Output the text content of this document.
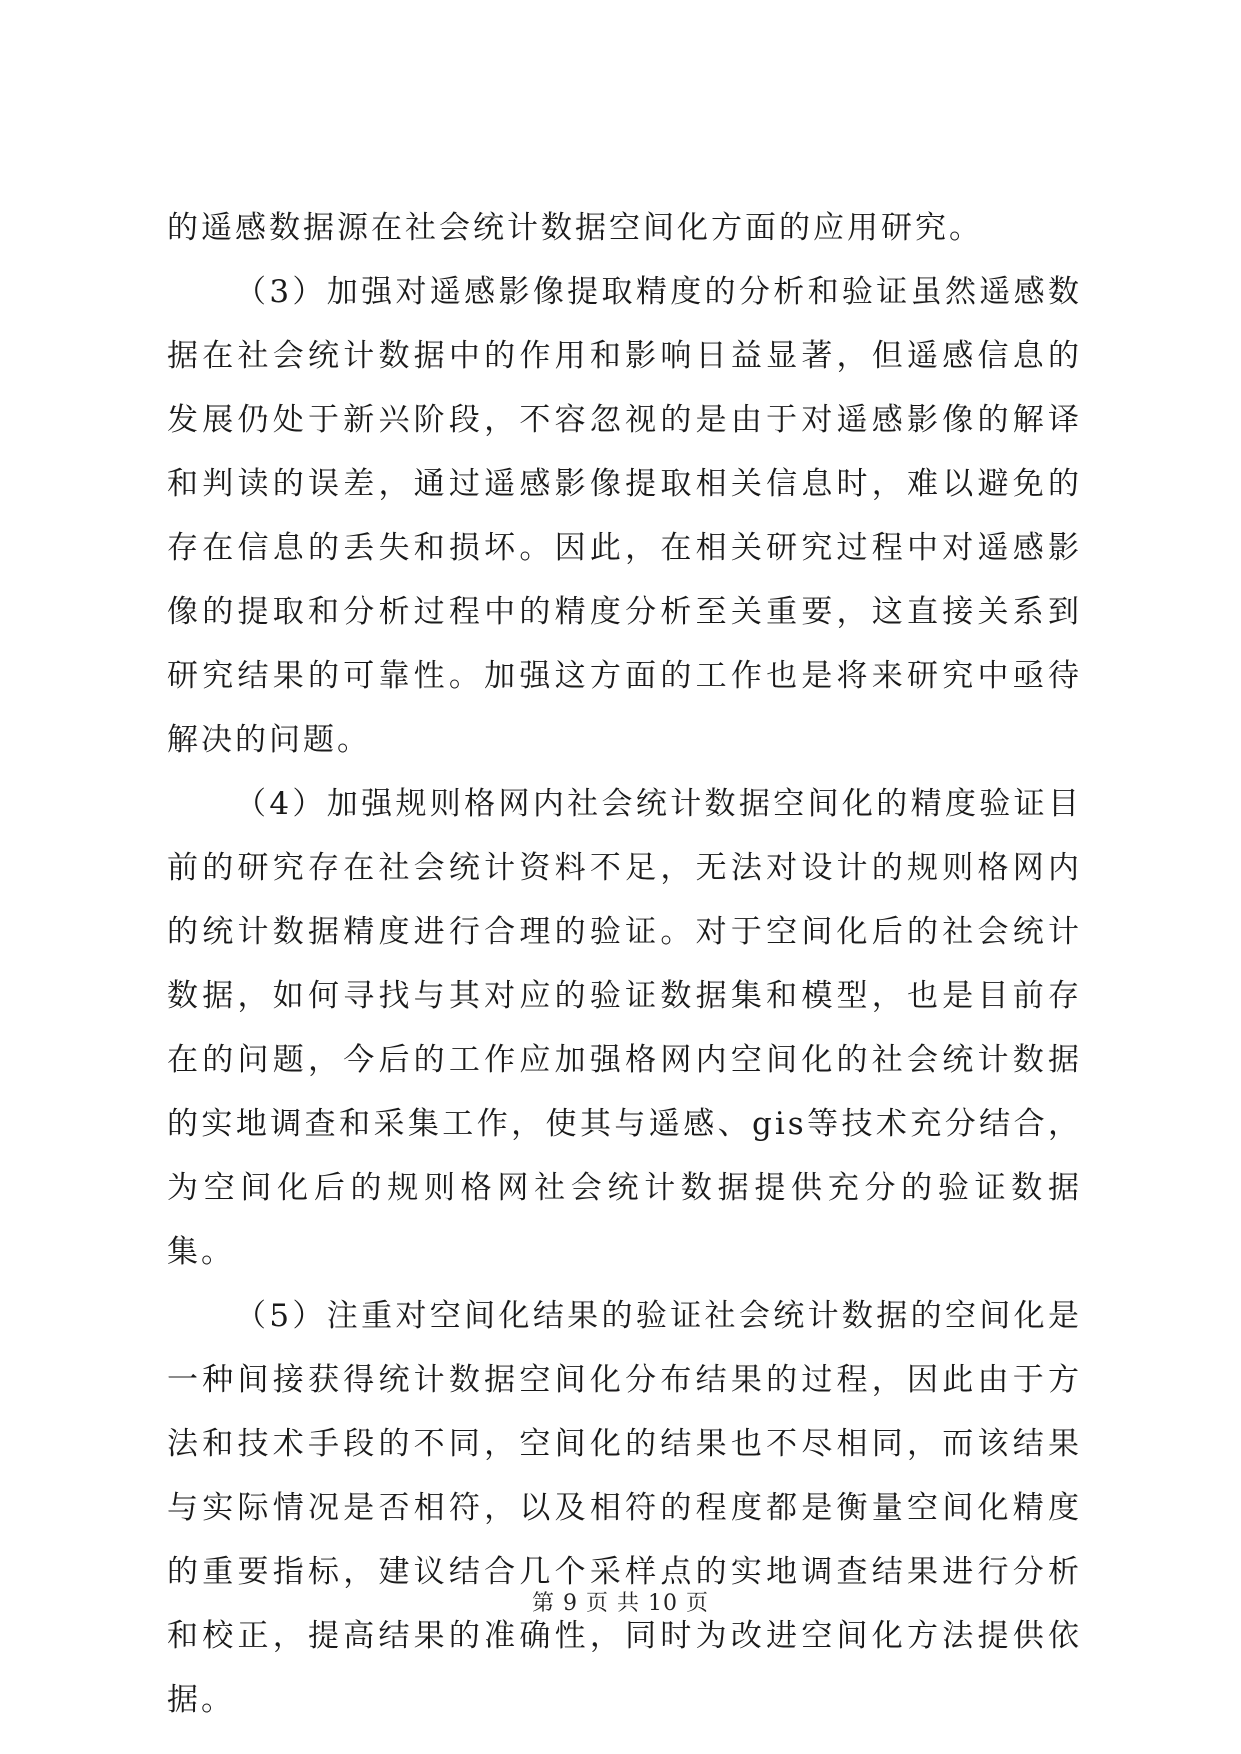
的遥感数据源在社会统计数据空间化方面的应用研究。

（3）加强对遥感影像提取精度的分析和验证虽然遥感数据在社会统计数据中的作用和影响日益显著，但遥感信息的发展仍处于新兴阶段，不容忽视的是由于对遥感影像的解译和判读的误差，通过遥感影像提取相关信息时，难以避免的存在信息的丢失和损坏。因此，在相关研究过程中对遥感影像的提取和分析过程中的精度分析至关重要，这直接关系到研究结果的可靠性。加强这方面的工作也是将来研究中亟待解决的问题。

（4）加强规则格网内社会统计数据空间化的精度验证目前的研究存在社会统计资料不足，无法对设计的规则格网内的统计数据精度进行合理的验证。对于空间化后的社会统计数据，如何寻找与其对应的验证数据集和模型，也是目前存在的问题，今后的工作应加强格网内空间化的社会统计数据的实地调查和采集工作，使其与遥感、gis等技术充分结合，为空间化后的规则格网社会统计数据提供充分的验证数据集。

（5）注重对空间化结果的验证社会统计数据的空间化是一种间接获得统计数据空间化分布结果的过程，因此由于方法和技术手段的不同，空间化的结果也不尽相同，而该结果与实际情况是否相符，以及相符的程度都是衡量空间化精度的重要指标，建议结合几个采样点的实地调查结果进行分析和校正，提高结果的准确性，同时为改进空间化方法提供依据。

第 9 页 共 10 页
